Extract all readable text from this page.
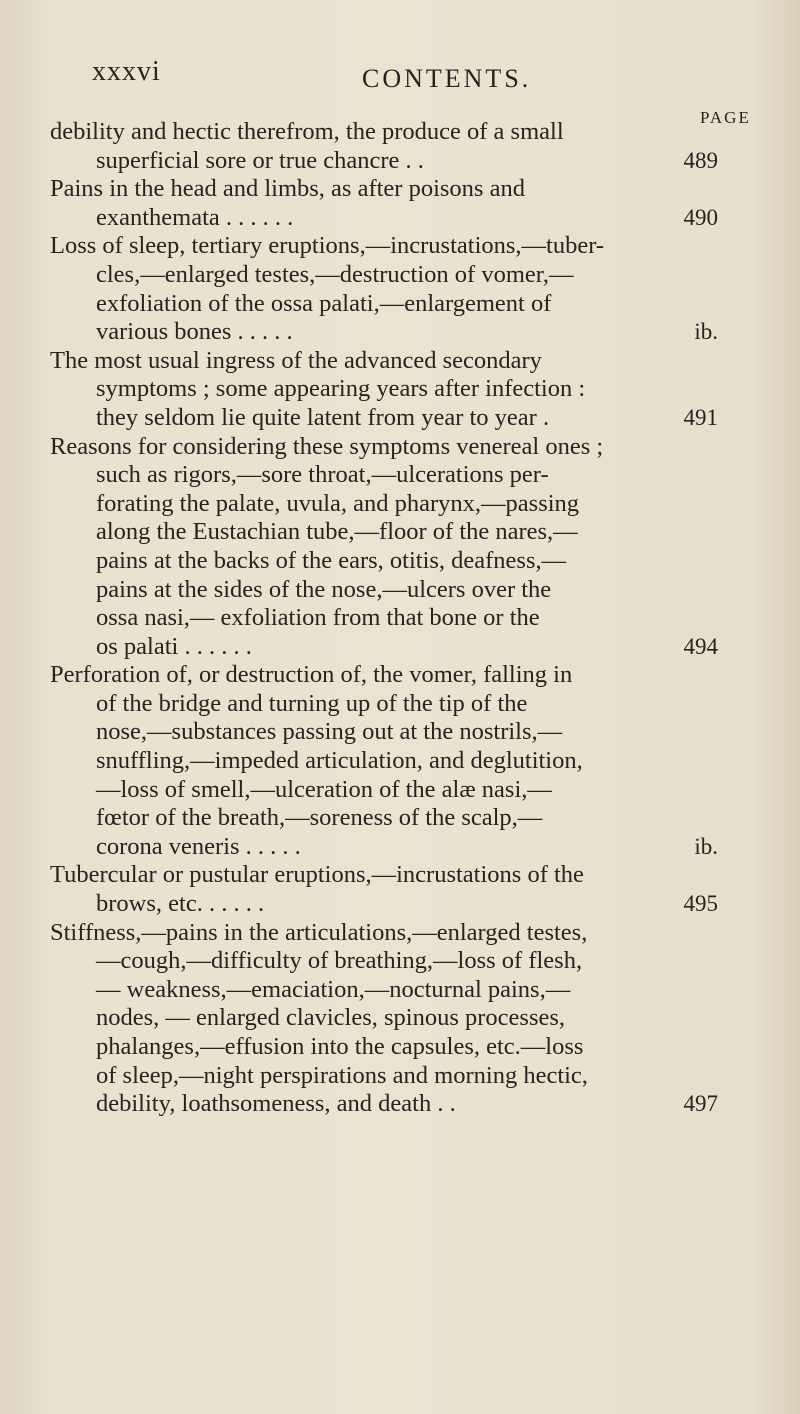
xxxvi	CONTENTS.
PAGE
debility and hectic therefrom, the produce of a small
superficial sore or true chancre . .	489
Pains in the head and limbs, as after poisons and
exanthemata . . . . . .	490
Loss of sleep, tertiary eruptions,—incrustations,—tuber-
cles,—enlarged testes,—destruction of vomer,—
exfoliation of the ossa palati,—enlargement of
various bones . . . . .	ib.
The most usual ingress of the advanced secondary
symptoms ; some appearing years after infection :
they seldom lie quite latent from year to year .	491
Reasons for considering these symptoms venereal ones ;
such as rigors,—sore throat,—ulcerations per-
forating the palate, uvula, and pharynx,—passing
along the Eustachian tube,—floor of the nares,—
pains at the backs of the ears, otitis, deafness,—
pains at the sides of the nose,—ulcers over the
ossa nasi,— exfoliation from that bone or the
os palati . . . . . .	494
Perforation of, or destruction of, the vomer, falling in
of the bridge and turning up of the tip of the
nose,—substances passing out at the nostrils,—
snuffling,—impeded articulation, and deglutition,
—loss of smell,—ulceration of the alæ nasi,—
fœtor of the breath,—soreness of the scalp,—
corona veneris . . . . .	ib.
Tubercular or pustular eruptions,—incrustations of the
brows, etc. . . . . .	495
Stiffness,—pains in the articulations,—enlarged testes,
—cough,—difficulty of breathing,—loss of flesh,
— weakness,—emaciation,—nocturnal pains,—
nodes, — enlarged clavicles, spinous processes,
phalanges,—effusion into the capsules, etc.—loss
of sleep,—night perspirations and morning hectic,
debility, loathsomeness, and death . .	497
